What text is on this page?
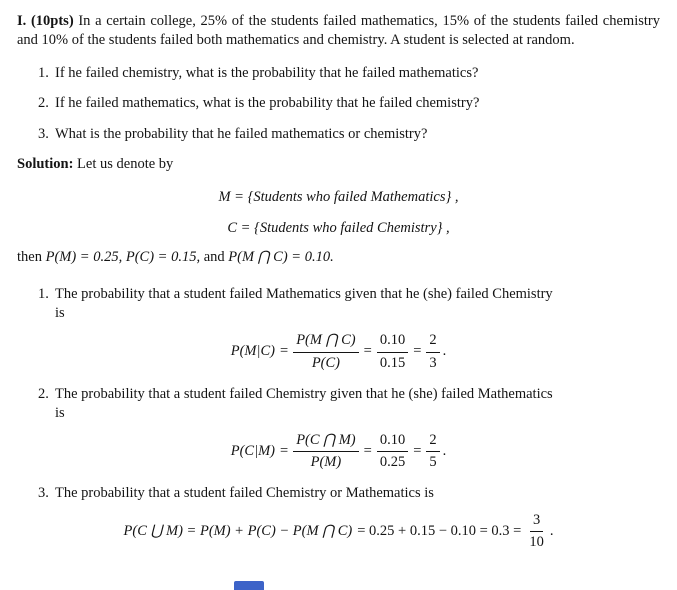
I. (10pts) In a certain college, 25% of the students failed mathematics, 15% of the students failed chemistry and 10% of the students failed both mathematics and chemistry. A student is selected at random.

1. If he failed chemistry, what is the probability that he failed mathematics?
2. If he failed mathematics, what is the probability that he failed chemistry?
3. What is the probability that he failed mathematics or chemistry?

Solution: Let us denote by

M = {Students who failed Mathematics} ,
C = {Students who failed Chemistry} ,

then P(M) = 0.25, P(C) = 0.15, and P(M ⋂ C) = 0.10.

1. The probability that a student failed Mathematics given that he (she) failed Chemistry
is
$P(M|C) = \frac{P(M ⋂ C)}{P(C)} = \frac{0.10}{0.15} = \frac{2}{3}$ .
2. The probability that a student failed Chemistry given that he (she) failed Mathematics
is
$P(C|M) = \frac{P(C ⋂ M)}{P(M)} = \frac{0.10}{0.25} = \frac{2}{5}$ .
3. The probability that a student failed Chemistry or Mathematics is
P(C ⋃ M) = P(M) + P(C) − P(M ⋂ $C) = 0.25 + 0.15 - 0.10 = 0.3 = \frac{3}{10}$ .
